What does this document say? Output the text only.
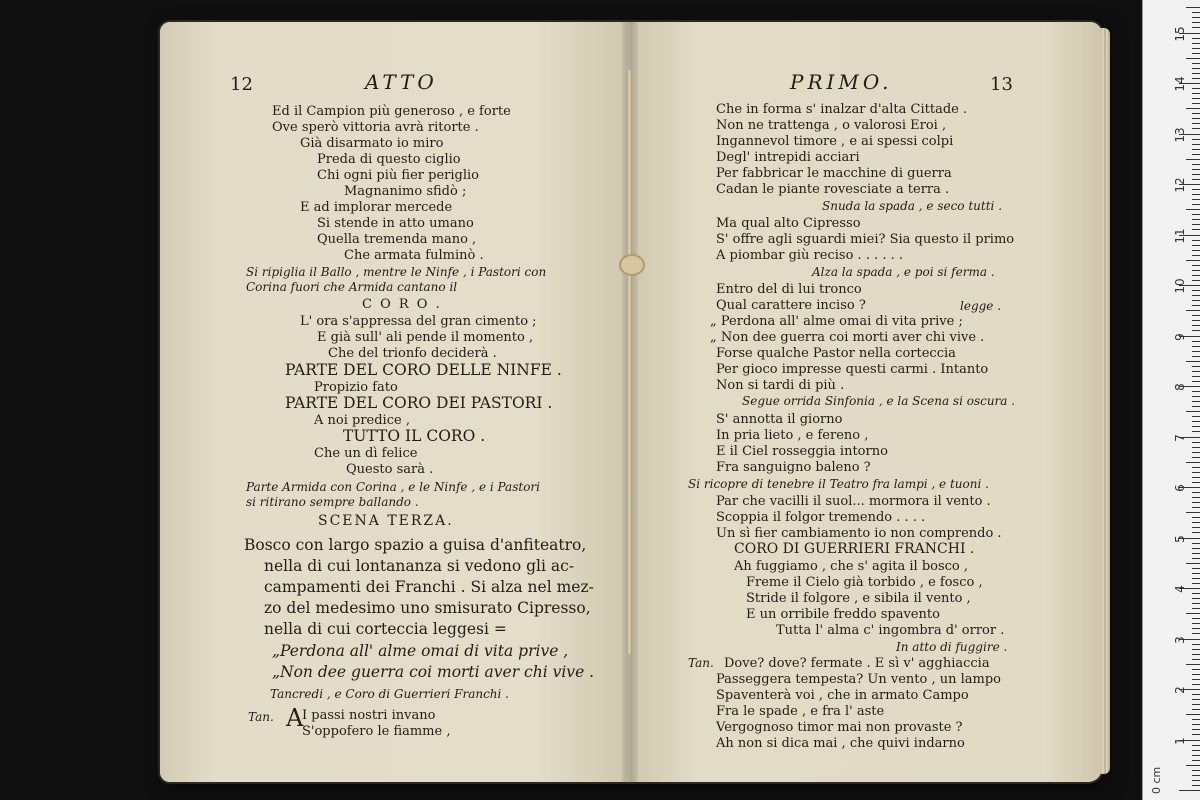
12	ATTO
Ed il Campion più generoso , e forte
Ove sperò vittoria avrà ritorte .
Già disarmato io miro
Preda di questo ciglio
Chi ogni più fier periglio
Magnanimo sfidò ;
E ad implorar mercede
Si stende in atto umano
Quella tremenda mano ,
Che armata fulminò .
Si ripiglia il Ballo , mentre le Ninfe , i Pastori con
Corina fuori che Armida cantano il
C O R O .
L' ora s'appressa del gran cimento ;
E già sull' ali pende il momento ,
Che del trionfo deciderà .
PARTE DEL CORO DELLE NINFE .
Propizio fato
PARTE DEL CORO DEI PASTORI .
A noi predice ,
TUTTO IL CORO .
Che un dì felice
Questo sarà .
Parte Armida con Corina , e le Ninfe , e i Pastori
si ritirano sempre ballando .
SCENA TERZA.
Bosco con largo spazio a guisa d'anfiteatro,
nella di cui lontananza si vedono gli ac-
campamenti dei Franchi . Si alza nel mez-
zo del medesimo uno smisurato Cipresso,
nella di cui corteccia leggesi =
„Perdona all' alme omai di vita prive ,
„Non dee guerra coi morti aver chi vive .
Tancredi , e Coro di Guerrieri Franchi .
Tan. A
I passi nostri invano
S'oppofero le fiamme ,
PRIMO.	13
Che in forma s' inalzar d'alta Cittade .
Non ne trattenga , o valorosi Eroi ,
Ingannevol timore , e ai spessi colpi
Degl' intrepidi acciari
Per fabbricar le macchine di guerra
Cadan le piante rovesciate a terra .
Snuda la spada , e seco tutti .
Ma qual alto Cipresso
S' offre agli sguardi miei? Sia questo il primo
A piombar giù reciso . . . . . .
Alza la spada , e poi si ferma .
Entro del di lui tronco
Qual carattere inciso ?	legge .
„ Perdona all' alme omai di vita prive ;
„ Non dee guerra coi morti aver chi vive .
Forse qualche Pastor nella corteccia
Per gioco impresse questi carmi . Intanto
Non si tardi di più .
Segue orrida Sinfonia , e la Scena si oscura .
S' annotta il giorno
In pria lieto , e fereno ,
E il Ciel rosseggia intorno
Fra sanguigno baleno ?
Si ricopre di tenebre il Teatro fra lampi , e tuoni .
Par che vacilli il suol... mormora il vento .
Scoppia il folgor tremendo . . . .
Un sì fier cambiamento io non comprendo .
CORO DI GUERRIERI FRANCHI .
Ah fuggiamo , che s' agita il bosco ,
Freme il Cielo già torbido , e fosco ,
Stride il folgore , e sibila il vento ,
E un orribile freddo spavento
Tutta l' alma c' ingombra d' orror .
In atto di fuggire .
Tan. Dove? dove? fermate . E sì v' agghiaccia
Passeggera tempesta? Un vento , un lampo
Spaventerà voi , che in armato Campo
Fra le spade , e fra l' aste
Vergognoso timor mai non provaste ?
Ah non si dica mai , che quivi indarno
0 cm
1
2
3
4
5
6
7
8
9
10
11
12
13
14
15
